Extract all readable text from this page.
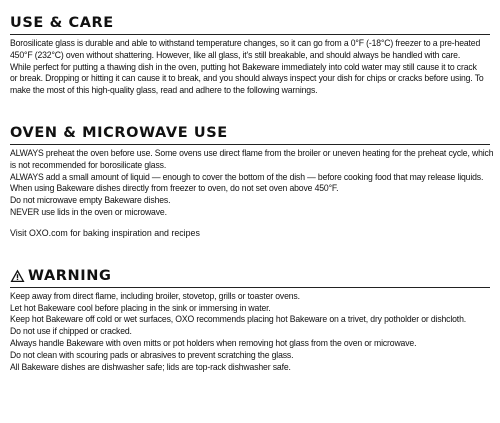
USE & CARE

Borosilicate glass is durable and able to withstand temperature changes, so it can go from a 0°F (-18°C) freezer to a pre-heated
450°F (232°C) oven without shattering. However, like all glass, it's still breakable, and should always be handled with care.
While perfect for putting a thawing dish in the oven, putting hot Bakeware immediately into cold water may still cause it to crack
or break. Dropping or hitting it can cause it to break, and you should always inspect your dish for chips or cracks before using. To
make the most of this high-quality glass, read and adhere to the following warnings.

OVEN & MICROWAVE USE

ALWAYS preheat the oven before use. Some ovens use direct flame from the broiler or uneven heating for the preheat cycle, which
is not recommended for borosilicate glass.
ALWAYS add a small amount of liquid — enough to cover the bottom of the dish — before cooking food that may release liquids.
When using Bakeware dishes directly from freezer to oven, do not set oven above 450°F.
Do not microwave empty Bakeware dishes.
NEVER use lids in the oven or microwave.

Visit OXO.com for baking inspiration and recipes

WARNING

Keep away from direct flame, including broiler, stovetop, grills or toaster ovens.
Let hot Bakeware cool before placing in the sink or immersing in water.
Keep hot Bakeware off cold or wet surfaces, OXO recommends placing hot Bakeware on a trivet, dry potholder or dishcloth.
Do not use if chipped or cracked.
Always handle Bakeware with oven mitts or pot holders when removing hot glass from the oven or microwave.
Do not clean with scouring pads or abrasives to prevent scratching the glass.
All Bakeware dishes are dishwasher safe; lids are top-rack dishwasher safe.
